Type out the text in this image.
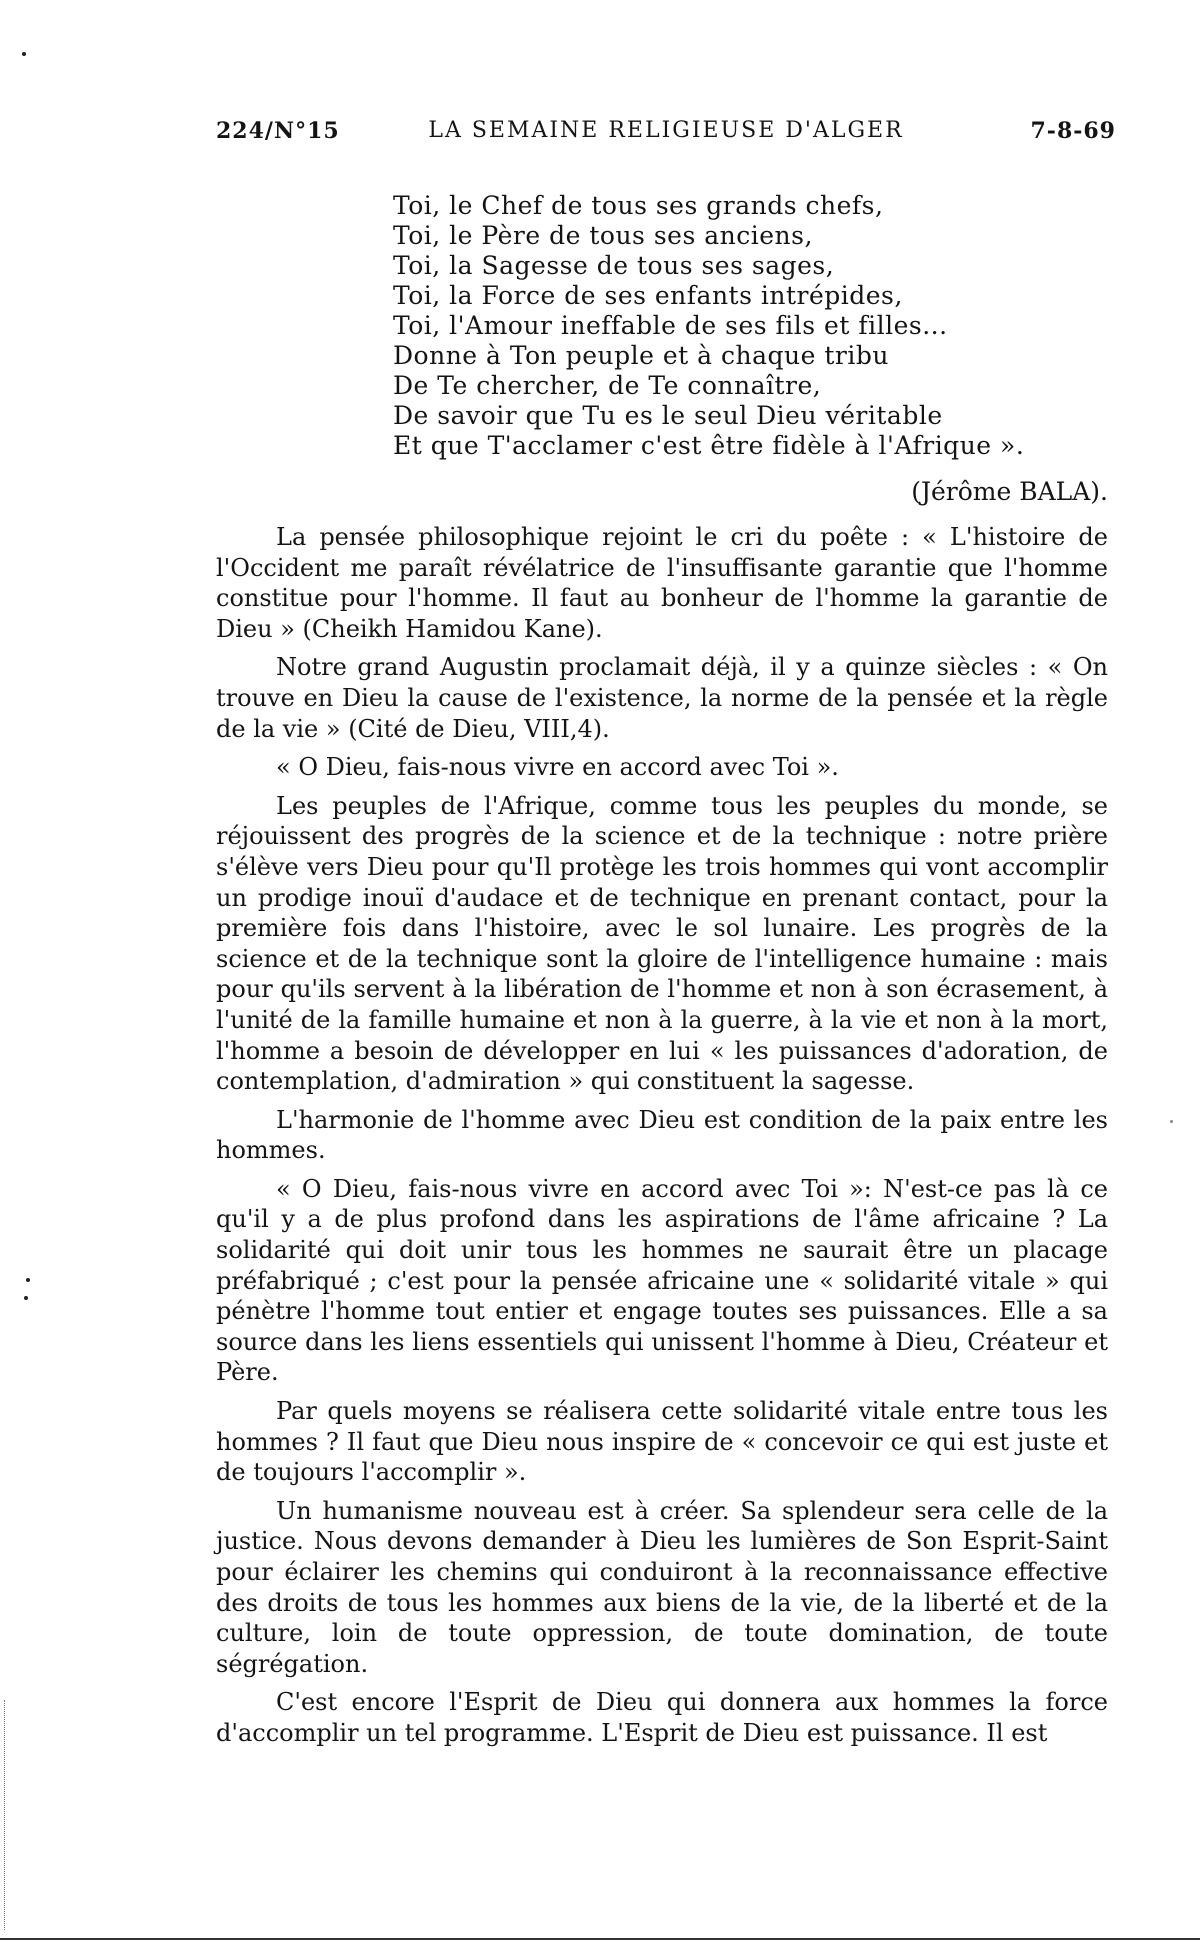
LA SEMAINE RELIGIEUSE D'ALGER
224/N°15	7-8-69
Toi, le Chef de tous ses grands chefs,
Toi, le Père de tous ses anciens,
Toi, la Sagesse de tous ses sages,
Toi, la Force de ses enfants intrépides,
Toi, l'Amour ineffable de ses fils et filles...
Donne à Ton peuple et à chaque tribu
De Te chercher, de Te connaître,
De savoir que Tu es le seul Dieu véritable
Et que T'acclamer c'est être fidèle à l'Afrique ».
(Jérôme BALA).

La pensée philosophique rejoint le cri du poête : « L'histoire de l'Occident me paraît révélatrice de l'insuffisante garantie que l'homme constitue pour l'homme. Il faut au bonheur de l'homme la garantie de Dieu » (Cheikh Hamidou Kane).

Notre grand Augustin proclamait déjà, il y a quinze siècles : « On trouve en Dieu la cause de l'existence, la norme de la pensée et la règle de la vie » (Cité de Dieu, VIII,4).

« O Dieu, fais-nous vivre en accord avec Toi ».

Les peuples de l'Afrique, comme tous les peuples du monde, se réjouissent des progrès de la science et de la technique : notre prière s'élève vers Dieu pour qu'Il protège les trois hommes qui vont accomplir un prodige inouï d'audace et de technique en prenant contact, pour la première fois dans l'histoire, avec le sol lunaire. Les progrès de la science et de la technique sont la gloire de l'intelligence humaine : mais pour qu'ils servent à la libération de l'homme et non à son écrasement, à l'unité de la famille humaine et non à la guerre, à la vie et non à la mort, l'homme a besoin de développer en lui « les puissances d'adoration, de contemplation, d'admiration » qui constituent la sagesse.

L'harmonie de l'homme avec Dieu est condition de la paix entre les hommes.

« O Dieu, fais-nous vivre en accord avec Toi »: N'est-ce pas là ce qu'il y a de plus profond dans les aspirations de l'âme africaine ? La solidarité qui doit unir tous les hommes ne saurait être un placage préfabriqué ; c'est pour la pensée africaine une « solidarité vitale » qui pénètre l'homme tout entier et engage toutes ses puissances. Elle a sa source dans les liens essentiels qui unissent l'homme à Dieu, Créateur et Père.

Par quels moyens se réalisera cette solidarité vitale entre tous les hommes ? Il faut que Dieu nous inspire de « concevoir ce qui est juste et de toujours l'accomplir ».

Un humanisme nouveau est à créer. Sa splendeur sera celle de la justice. Nous devons demander à Dieu les lumières de Son Esprit-Saint pour éclairer les chemins qui conduiront à la reconnaissance effective des droits de tous les hommes aux biens de la vie, de la liberté et de la culture, loin de toute oppression, de toute domination, de toute ségrégation.

C'est encore l'Esprit de Dieu qui donnera aux hommes la force d'accomplir un tel programme. L'Esprit de Dieu est puissance. Il est
